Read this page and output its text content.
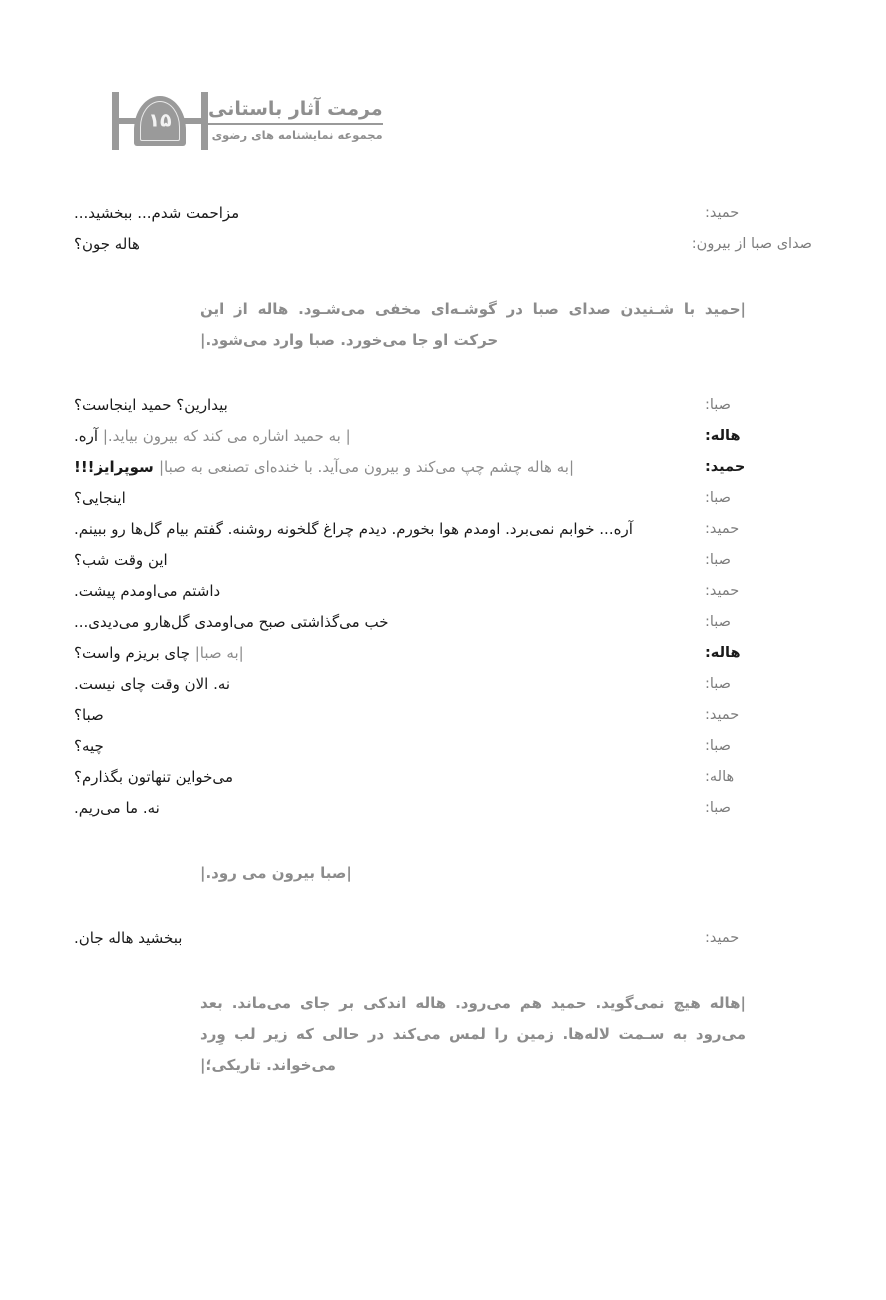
۱۵
مرمت آثار باستانی
مجموعه نمایشنامه های رضوی
حمید:
مزاحمت شدم... ببخشید...
صدای صبا از بیرون:
هاله جون؟
|حمید با شـنیدن صدای صبا در گوشـه‌ای مخفی می‌شـود. هاله از این حرکت او جا می‌خورد. صبا وارد می‌شود.|
صبا:
بیدارین؟ حمید اینجاست؟
هاله:
| به حمید اشاره می کند که بیرون بیاید.| آره.
حمید:
|به هاله چشم چپ می‌کند و بیرون می‌آید. با خنده‌ای تصنعی به صبا| سوپرایز!!!
صبا:
اینجایی؟
حمید:
آره... خوابم نمی‌برد. اومدم هوا بخورم. دیدم چراغ گلخونه روشنه. گفتم بیام گل‌ها رو ببینم.
صبا:
این وقت شب؟
حمید:
داشتم می‌اومدم پیشت.
صبا:
خب می‌گذاشتی صبح می‌اومدی گل‌هارو می‌دیدی...
هاله:
|به صبا| چای بریزم واست؟
صبا:
نه. الان وقت چای نیست.
حمید:
صبا؟
صبا:
چیه؟
هاله:
می‌خواین تنهاتون بگذارم؟
صبا:
نه. ما می‌ریم.
|صبا بیرون می رود.|
حمید:
ببخشید هاله جان.
|هاله هیچ نمی‌گوید. حمید هم می‌رود. هاله اندکی بر جای می‌ماند. بعد می‌رود به سـمت لاله‌ها. زمین را لمس می‌کند در حالی که زیر لب وِرد می‌خواند. تاریکی؛|
